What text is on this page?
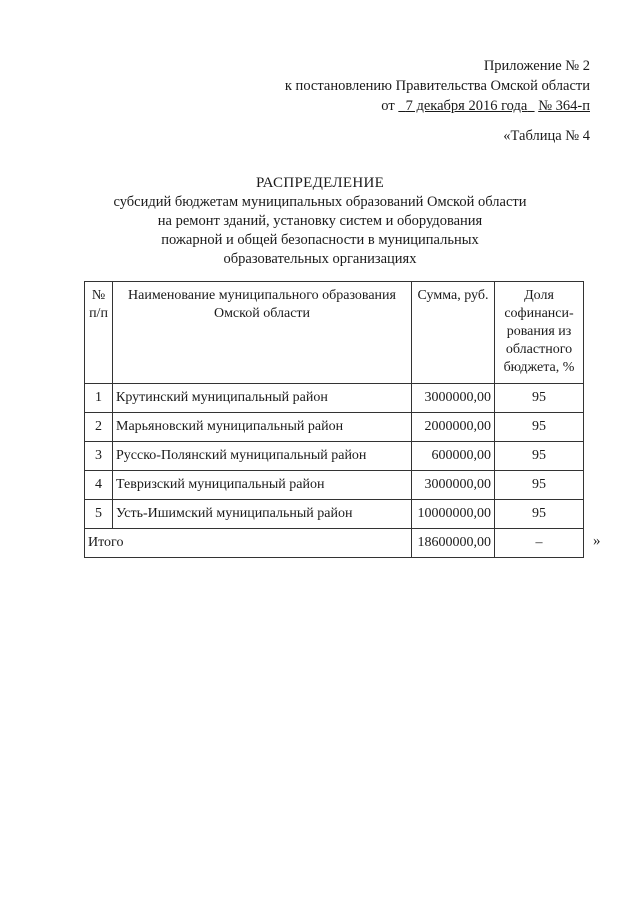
Приложение № 2
к постановлению Правительства Омской области
от 7 декабря 2016 года № 364-п
«Таблица № 4
РАСПРЕДЕЛЕНИЕ
субсидий бюджетам муниципальных образований Омской области
на ремонт зданий, установку систем и оборудования
пожарной и общей безопасности в муниципальных
образовательных организациях
№ п/п	Наименование муниципального образования Омской области	Сумма, руб.	Доля софинанси-рования из областного бюджета, %
1	Крутинский муниципальный район	3000000,00	95
2	Марьяновский муниципальный район	2000000,00	95
3	Русско-Полянский муниципальный район	600000,00	95
4	Тевризский муниципальный район	3000000,00	95
5	Усть-Ишимский муниципальный район	10000000,00	95
Итого		18600000,00	–	»
